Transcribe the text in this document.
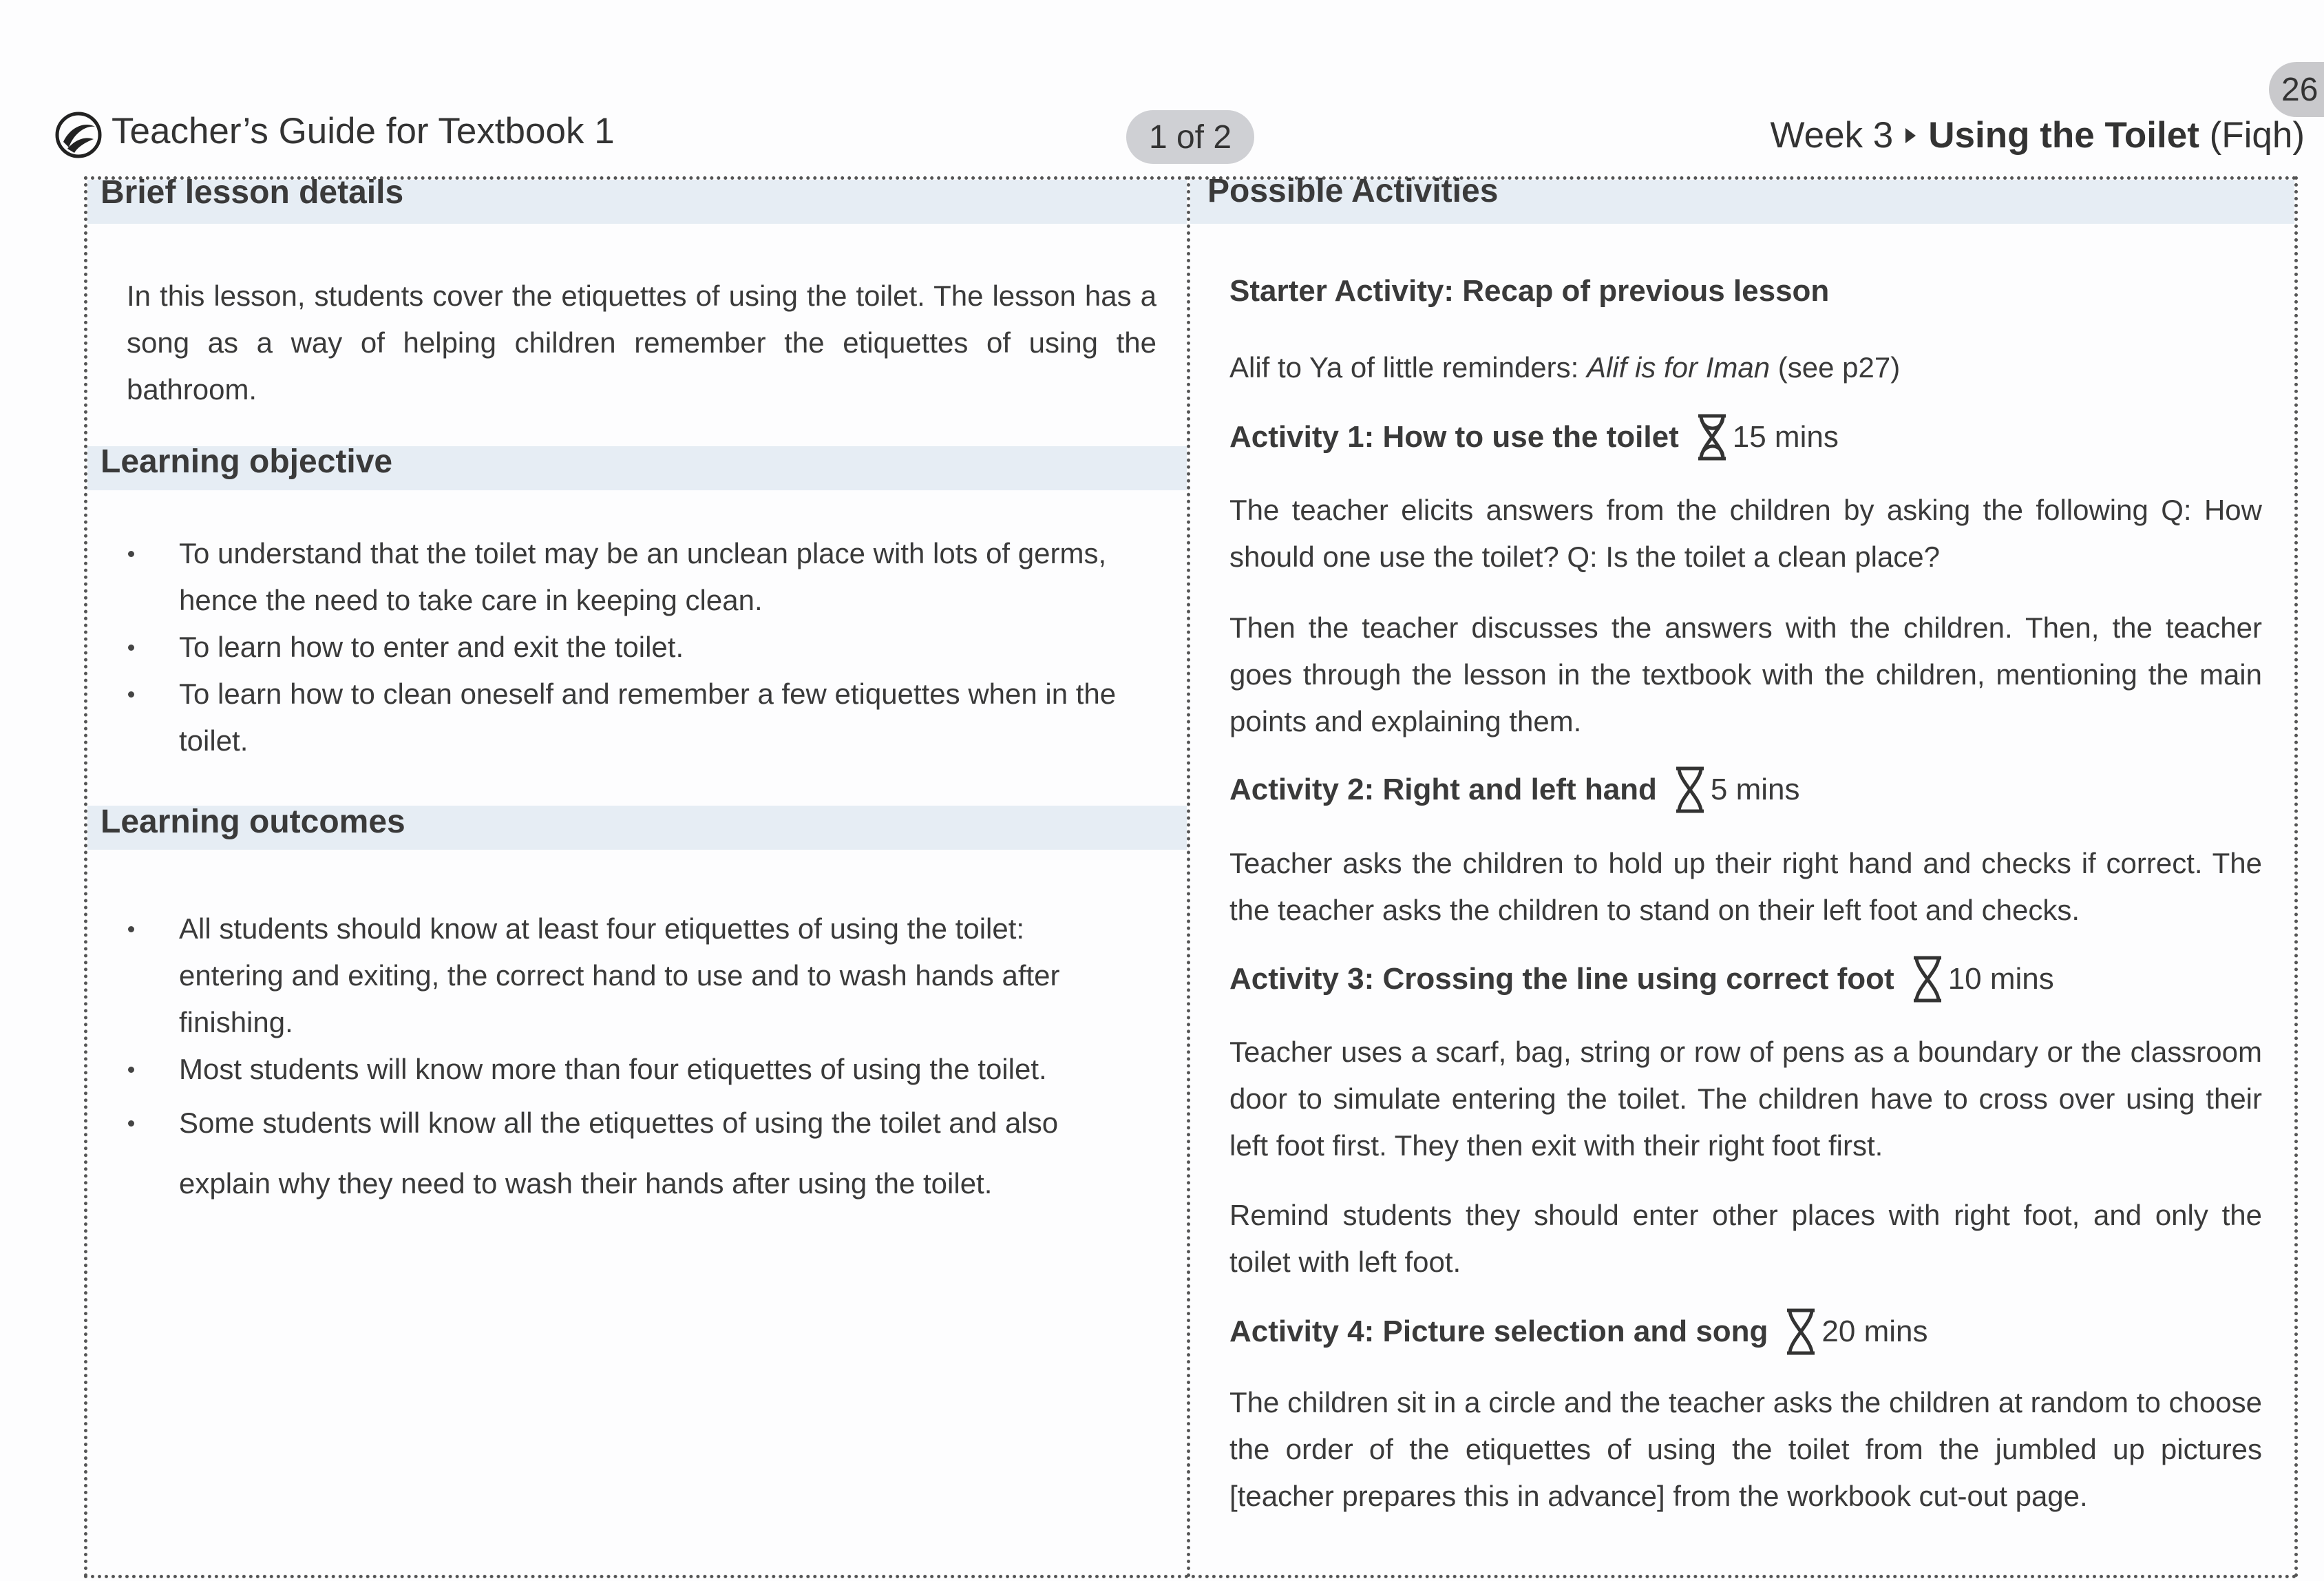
26
Teacher’s Guide for Textbook 1	1 of 2	Week 3 Using the Toilet (Fiqh)
Brief lesson details
In this lesson, students cover the etiquettes of using the toilet. The lesson has a song as a way of helping children remember the etiquettes of using the bathroom.
Learning objective
To understand that the toilet may be an unclean place with lots of germs, hence the need to take care in keeping clean.
To learn how to enter and exit the toilet.
To learn how to clean oneself and remember a few etiquettes when in the toilet.
Learning outcomes
All students should know at least four etiquettes of using the toilet: entering and exiting, the correct hand to use and to wash hands after finishing.
Most students will know more than four etiquettes of using the toilet.
Some students will know all the etiquettes of using the toilet and also explain why they need to wash their hands after using the toilet.
Possible Activities
Starter Activity: Recap of previous lesson
Alif to Ya of little reminders: Alif is for Iman (see p27)
Activity 1: How to use the toilet 15 mins
The teacher elicits answers from the children by asking the following Q: How should one use the toilet? Q: Is the toilet a clean place?
Then the teacher discusses the answers with the children. Then, the teacher goes through the lesson in the textbook with the children, mentioning the main points and explaining them.
Activity 2: Right and left hand 5 mins
Teacher asks the children to hold up their right hand and checks if correct. The the teacher asks the children to stand on their left foot and checks.
Activity 3: Crossing the line using correct foot 10 mins
Teacher uses a scarf, bag, string or row of pens as a boundary or the classroom door to simulate entering the toilet. The children have to cross over using their left foot first. They then exit with their right foot first.
Remind students they should enter other places with right foot, and only the toilet with left foot.
Activity 4: Picture selection and song 20 mins
The children sit in a circle and the teacher asks the children at random to choose the order of the etiquettes of using the toilet from the jumbled up pictures [teacher prepares this in advance] from the workbook cut-out page.
